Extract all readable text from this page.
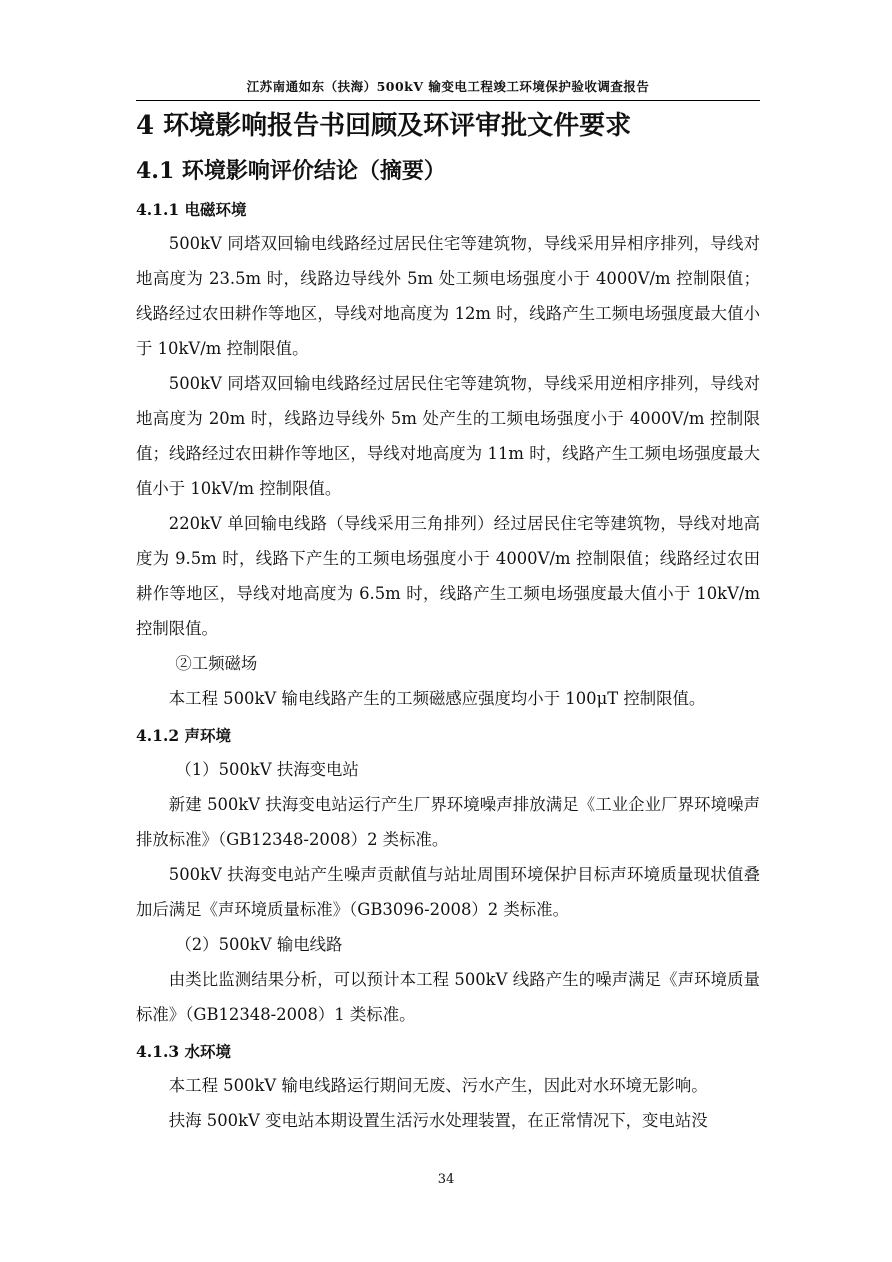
江苏南通如东（扶海）500kV 输变电工程竣工环境保护验收调查报告
4 环境影响报告书回顾及环评审批文件要求
4.1 环境影响评价结论（摘要）
4.1.1 电磁环境

500kV 同塔双回输电线路经过居民住宅等建筑物，导线采用异相序排列，导线对地高度为 23.5m 时，线路边导线外 5m 处工频电场强度小于 4000V/m 控制限值；线路经过农田耕作等地区，导线对地高度为 12m 时，线路产生工频电场强度最大值小于 10kV/m 控制限值。

500kV 同塔双回输电线路经过居民住宅等建筑物，导线采用逆相序排列，导线对地高度为 20m 时，线路边导线外 5m 处产生的工频电场强度小于 4000V/m 控制限值；线路经过农田耕作等地区，导线对地高度为 11m 时，线路产生工频电场强度最大值小于 10kV/m 控制限值。

220kV 单回输电线路（导线采用三角排列）经过居民住宅等建筑物，导线对地高度为 9.5m 时，线路下产生的工频电场强度小于 4000V/m 控制限值；线路经过农田耕作等地区，导线对地高度为 6.5m 时，线路产生工频电场强度最大值小于 10kV/m 控制限值。

②工频磁场

本工程 500kV 输电线路产生的工频磁感应强度均小于 100μT 控制限值。

4.1.2 声环境

（1）500kV 扶海变电站

新建 500kV 扶海变电站运行产生厂界环境噪声排放满足《工业企业厂界环境噪声排放标准》（GB12348-2008）2 类标准。

500kV 扶海变电站产生噪声贡献值与站址周围环境保护目标声环境质量现状值叠加后满足《声环境质量标准》（GB3096-2008）2 类标准。

（2）500kV 输电线路

由类比监测结果分析，可以预计本工程 500kV 线路产生的噪声满足《声环境质量标准》（GB12348-2008）1 类标准。

4.1.3 水环境

本工程 500kV 输电线路运行期间无废、污水产生，因此对水环境无影响。

扶海 500kV 变电站本期设置生活污水处理装置，在正常情况下，变电站没

34
